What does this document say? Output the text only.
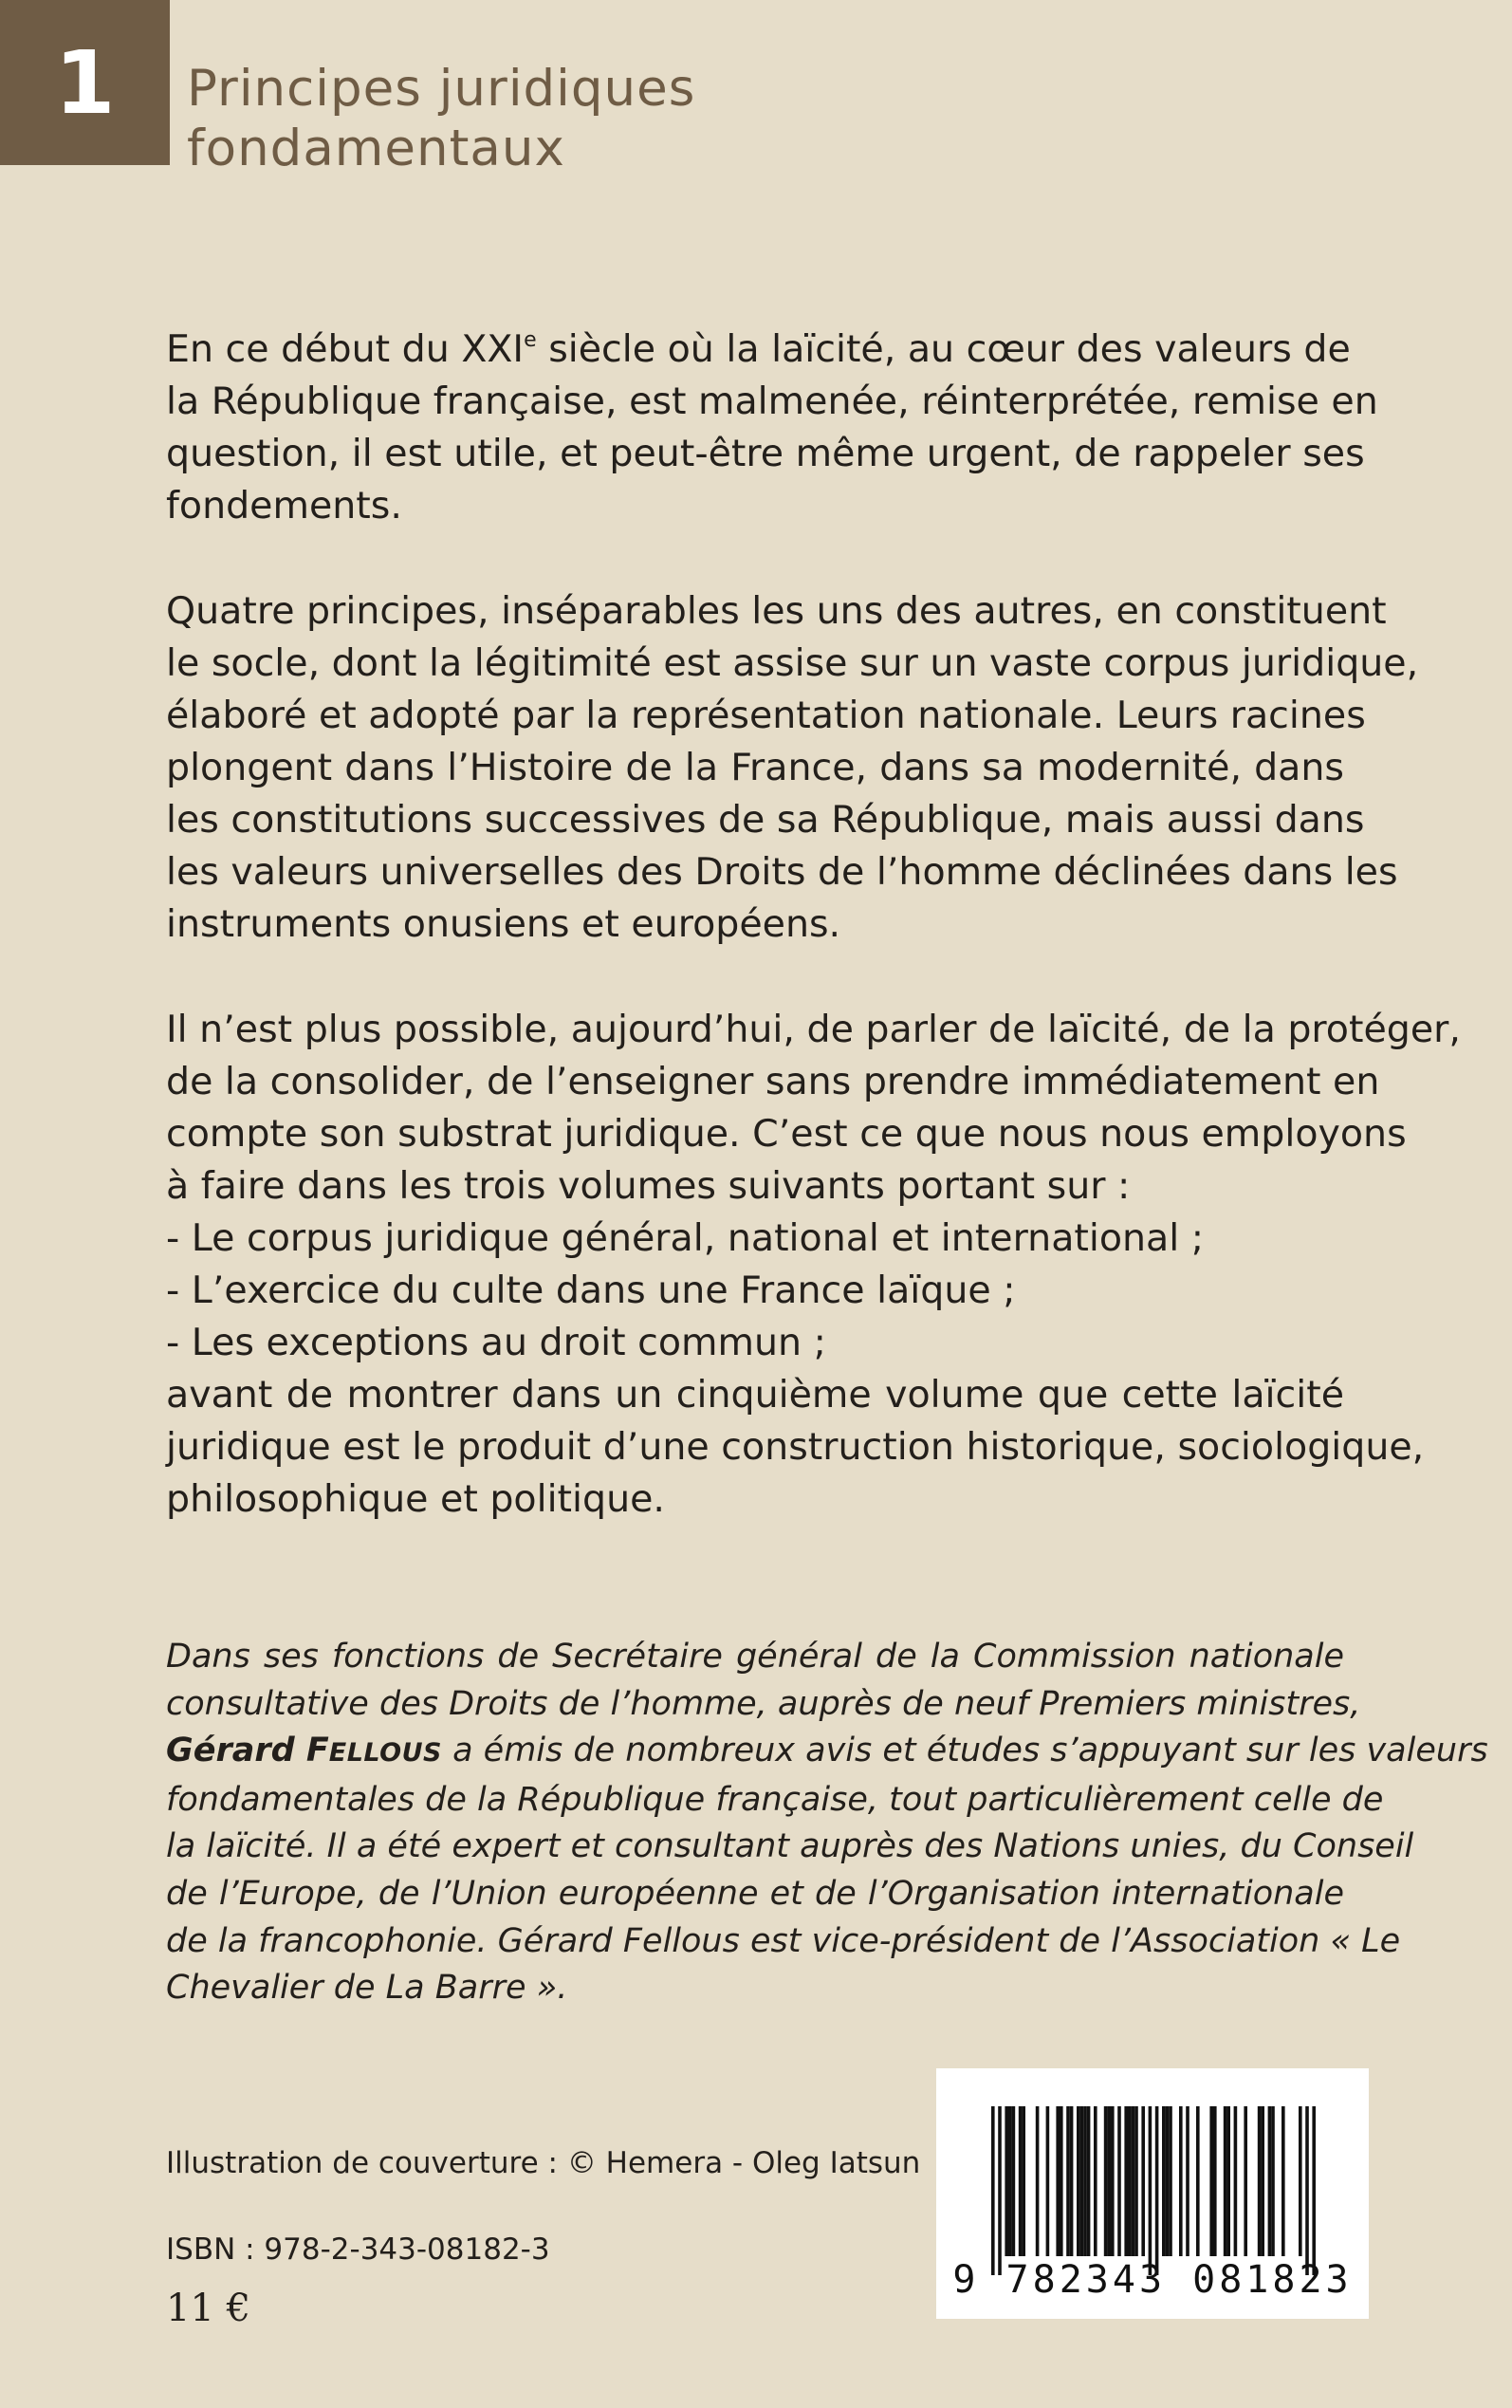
1 Principes juridiques
fondamentaux
En ce début du XXIe siècle où la laïcité, au cœur des valeurs de
la République française, est malmenée, réinterprétée, remise en
question, il est utile, et peut-être même urgent, de rappeler ses
fondements.
Quatre principes, inséparables les uns des autres, en constituent
le socle, dont la légitimité est assise sur un vaste corpus juridique,
élaboré et adopté par la représentation nationale. Leurs racines
plongent dans l’Histoire de la France, dans sa modernité, dans
les constitutions successives de sa République, mais aussi dans
les valeurs universelles des Droits de l’homme déclinées dans les
instruments onusiens et européens.
Il n’est plus possible, aujourd’hui, de parler de laïcité, de la protéger,
de la consolider, de l’enseigner sans prendre immédiatement en
compte son substrat juridique. C’est ce que nous nous employons
à faire dans les trois volumes suivants portant sur :
- Le corpus juridique général, national et international ;
- L’exercice du culte dans une France laïque ;
- Les exceptions au droit commun ;
avant de montrer dans un cinquième volume que cette laïcité
juridique est le produit d’une construction historique, sociologique,
philosophique et politique.
Dans ses fonctions de Secrétaire général de la Commission nationale
consultative des Droits de l’homme, auprès de neuf Premiers ministres,
Gérard FELLOUS a émis de nombreux avis et études s’appuyant sur les valeurs
fondamentales de la République française, tout particulièrement celle de
la laïcité. Il a été expert et consultant auprès des Nations unies, du Conseil
de l’Europe, de l’Union européenne et de l’Organisation internationale
de la francophonie. Gérard Fellous est vice-président de l’Association « Le
Chevalier de La Barre ».
Illustration de couverture : © Hemera - Oleg Iatsun
ISBN : 978-2-343-08182-3
11 €
9 782343 081823
